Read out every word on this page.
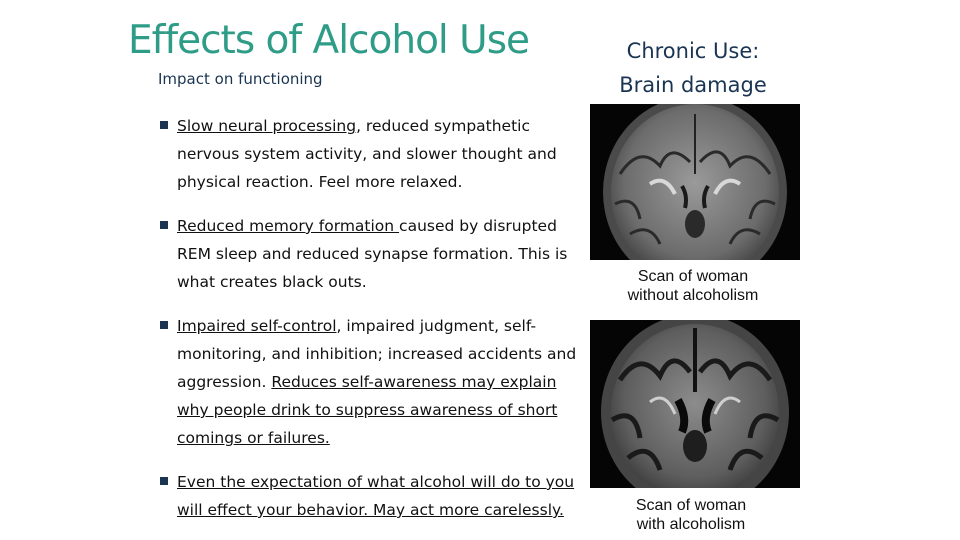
Effects of Alcohol Use
Impact on functioning
Chronic Use:
Brain damage
Slow neural processing, reduced sympathetic nervous system activity, and slower thought and physical reaction. Feel more relaxed.
Reduced memory formation caused by disrupted REM sleep and reduced synapse formation. This is what creates black outs.
Impaired self-control, impaired judgment, self-monitoring, and inhibition; increased accidents and aggression. Reduces self-awareness may explain why people drink to suppress awareness of short comings or failures.
Even the expectation of what alcohol will do to you will effect your behavior. May act more carelessly.
Scan of woman
without alcoholism
Scan of woman
with alcoholism
